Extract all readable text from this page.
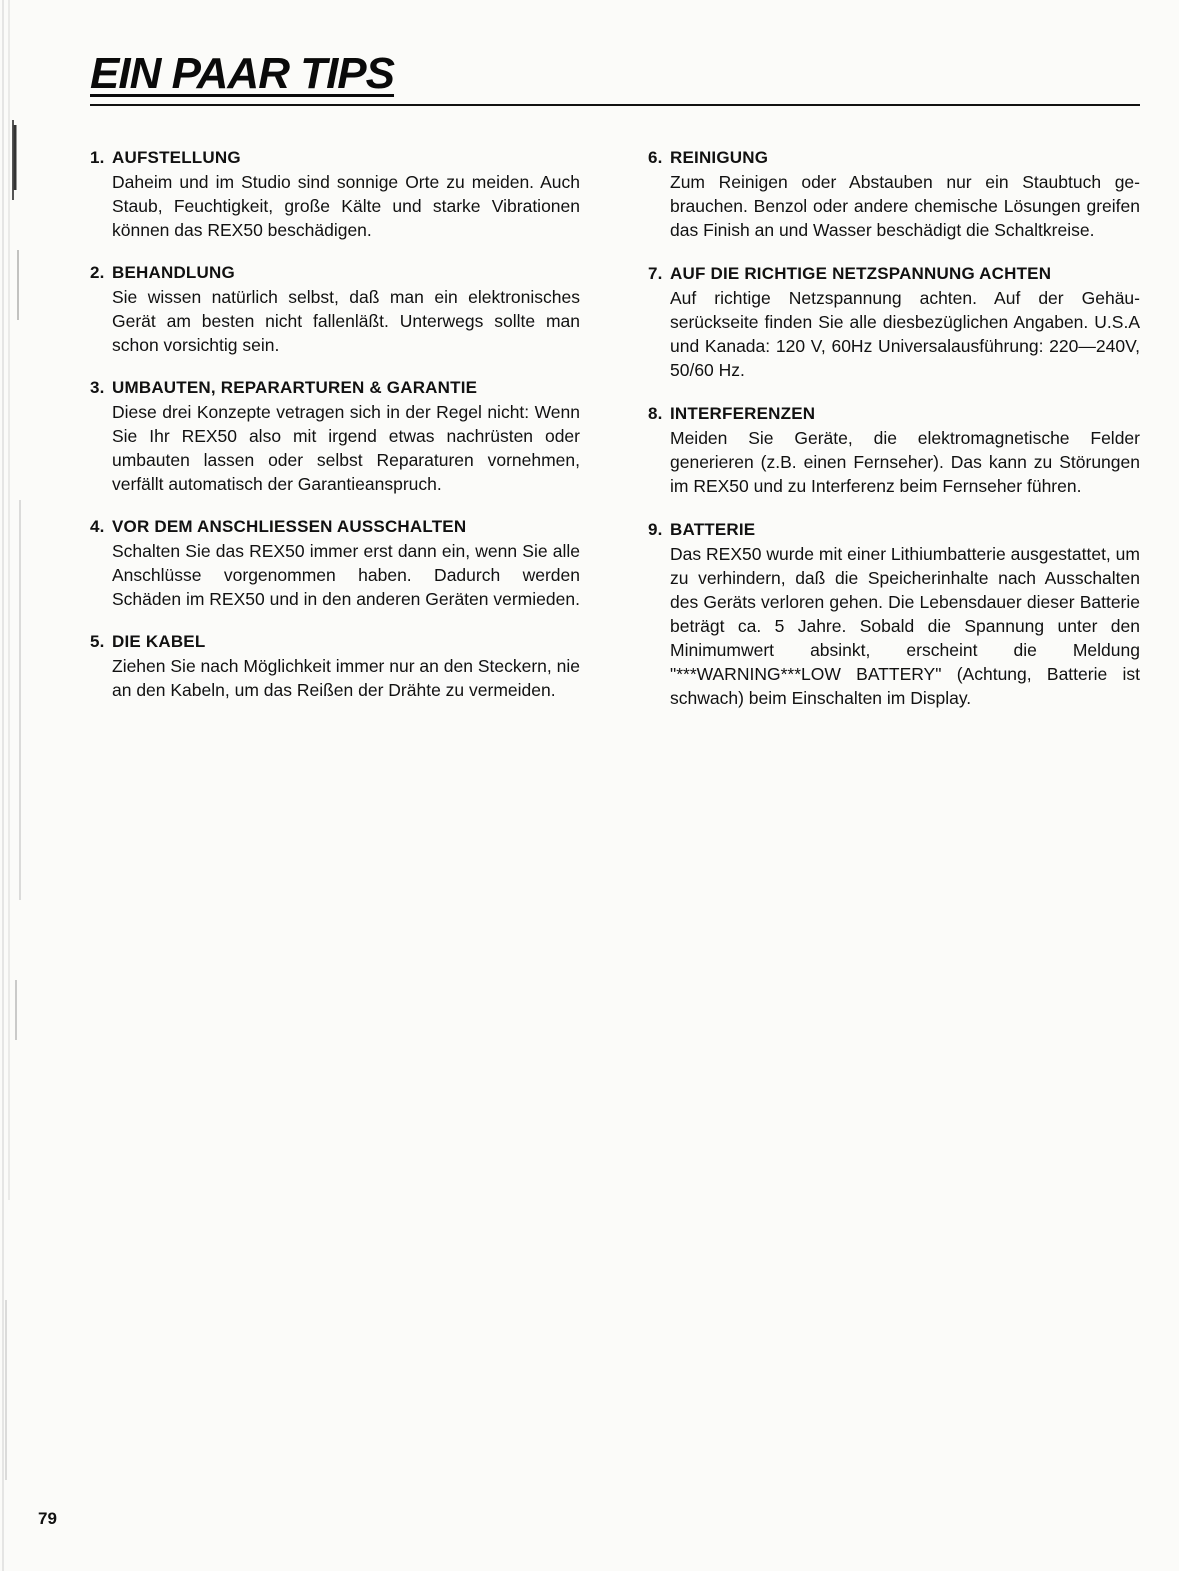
EIN PAAR TIPS
1. AUFSTELLUNG
Daheim und im Studio sind sonnige Orte zu meiden. Auch Staub, Feuchtigkeit, große Kälte und starke Vibrationen können das REX50 beschädigen.
2. BEHANDLUNG
Sie wissen natürlich selbst, daß man ein elektronisches Gerät am besten nicht fallenläßt. Unterwegs sollte man schon vorsichtig sein.
3. UMBAUTEN, REPARARTUREN & GARANTIE
Diese drei Konzepte vetragen sich in der Regel nicht: Wenn Sie Ihr REX50 also mit irgend etwas nachrüsten oder umbauten lassen oder selbst Reparaturen vornehmen, verfällt automatisch der Garantieanspruch.
4. VOR DEM ANSCHLIESSEN AUSSCHALTEN
Schalten Sie das REX50 immer erst dann ein, wenn Sie alle Anschlüsse vorgenommen haben. Dadurch werden Schäden im REX50 und in den anderen Geräten vermieden.
5. DIE KABEL
Ziehen Sie nach Möglichkeit immer nur an den Steckern, nie an den Kabeln, um das Reißen der Drähte zu vermeiden.
6. REINIGUNG
Zum Reinigen oder Abstauben nur ein Staubtuch gebrauchen. Benzol oder andere chemische Lösungen greifen das Finish an und Wasser beschädigt die Schaltkreise.
7. AUF DIE RICHTIGE NETZSPANNUNG ACHTEN
Auf richtige Netzspannung achten. Auf der Gehäuserückseite finden Sie alle diesbezüglichen Angaben. U.S.A und Kanada: 120 V, 60Hz Universalausführung: 220—240V, 50/60 Hz.
8. INTERFERENZEN
Meiden Sie Geräte, die elektromagnetische Felder generieren (z.B. einen Fernseher). Das kann zu Störungen im REX50 und zu Interferenz beim Fernseher führen.
9. BATTERIE
Das REX50 wurde mit einer Lithiumbatterie ausgestattet, um zu verhindern, daß die Speicherinhalte nach Ausschalten des Geräts verloren gehen. Die Lebensdauer dieser Batterie beträgt ca. 5 Jahre. Sobald die Spannung unter den Minimumwert absinkt, erscheint die Meldung "***WARNING***LOW BATTERY" (Achtung, Batterie ist schwach) beim Einschalten im Display.
79
